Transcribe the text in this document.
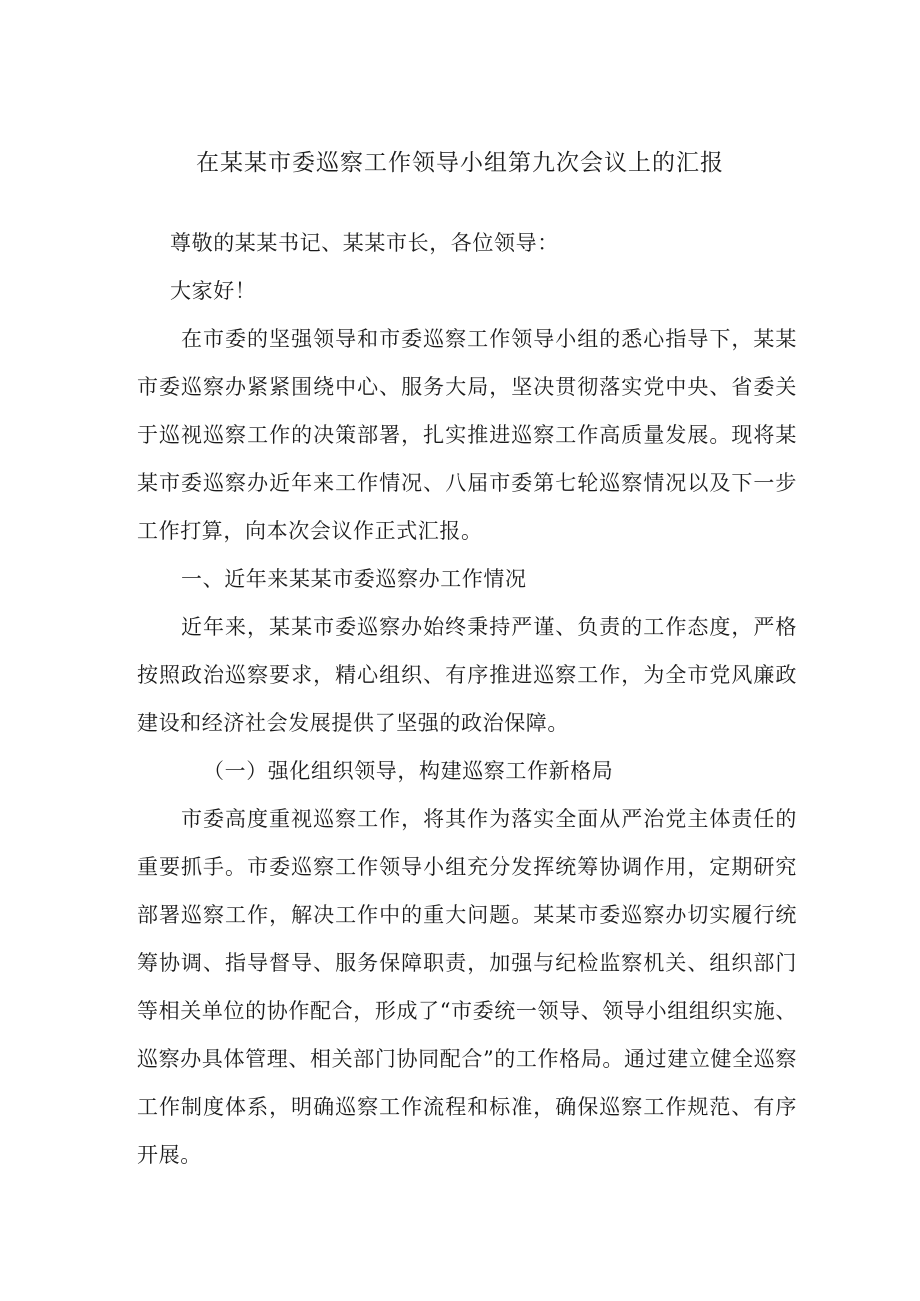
在某某市委巡察工作领导小组第九次会议上的汇报

尊敬的某某书记、某某市长，各位领导：

大家好！

在市委的坚强领导和市委巡察工作领导小组的悉心指导下，某某市委巡察办紧紧围绕中心、服务大局，坚决贯彻落实党中央、省委关于巡视巡察工作的决策部署，扎实推进巡察工作高质量发展。现将某某市委巡察办近年来工作情况、八届市委第七轮巡察情况以及下一步工作打算，向本次会议作正式汇报。

一、近年来某某市委巡察办工作情况

近年来，某某市委巡察办始终秉持严谨、负责的工作态度，严格按照政治巡察要求，精心组织、有序推进巡察工作，为全市党风廉政建设和经济社会发展提供了坚强的政治保障。

（一）强化组织领导，构建巡察工作新格局

市委高度重视巡察工作，将其作为落实全面从严治党主体责任的重要抓手。市委巡察工作领导小组充分发挥统筹协调作用，定期研究部署巡察工作，解决工作中的重大问题。某某市委巡察办切实履行统筹协调、指导督导、服务保障职责，加强与纪检监察机关、组织部门等相关单位的协作配合，形成了“市委统一领导、领导小组组织实施、巡察办具体管理、相关部门协同配合”的工作格局。通过建立健全巡察工作制度体系，明确巡察工作流程和标准，确保巡察工作规范、有序开展。
